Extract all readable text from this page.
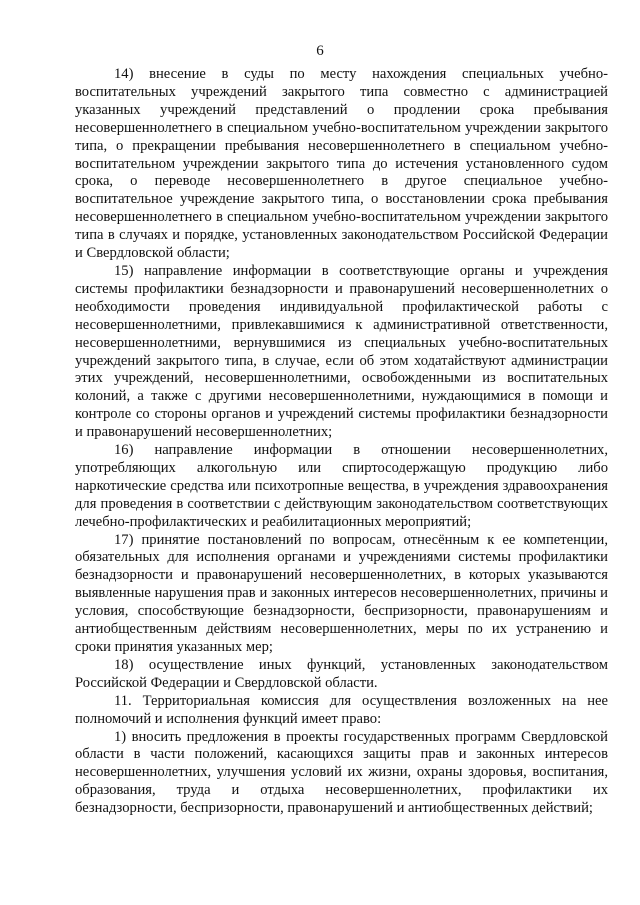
6

14) внесение в суды по месту нахождения специальных учебно-воспитательных учреждений закрытого типа совместно с администрацией указанных учреждений представлений о продлении срока пребывания несовершеннолетнего в специальном учебно-воспитательном учреждении закрытого типа, о прекращении пребывания несовершеннолетнего в специальном учебно-воспитательном учреждении закрытого типа до истечения установленного судом срока, о переводе несовершеннолетнего в другое специальное учебно-воспитательное учреждение закрытого типа, о восстановлении срока пребывания несовершеннолетнего в специальном учебно-воспитательном учреждении закрытого типа в случаях и порядке, установленных законодательством Российской Федерации и Свердловской области;

15) направление информации в соответствующие органы и учреждения системы профилактики безнадзорности и правонарушений несовершеннолетних о необходимости проведения индивидуальной профилактической работы с несовершеннолетними, привлекавшимися к административной ответственности, несовершеннолетними, вернувшимися из специальных учебно-воспитательных учреждений закрытого типа, в случае, если об этом ходатайствуют администрации этих учреждений, несовершеннолетними, освобожденными из воспитательных колоний, а также с другими несовершеннолетними, нуждающимися в помощи и контроле со стороны органов и учреждений системы профилактики безнадзорности и правонарушений несовершеннолетних;

16) направление информации в отношении несовершеннолетних, употребляющих алкогольную или спиртосодержащую продукцию либо наркотические средства или психотропные вещества, в учреждения здравоохранения для проведения в соответствии с действующим законодательством соответствующих лечебно-профилактических и реабилитационных мероприятий;

17) принятие постановлений по вопросам, отнесённым к ее компетенции, обязательных для исполнения органами и учреждениями системы профилактики безнадзорности и правонарушений несовершеннолетних, в которых указываются выявленные нарушения прав и законных интересов несовершеннолетних, причины и условия, способствующие безнадзорности, беспризорности, правонарушениям и антиобщественным действиям несовершеннолетних, меры по их устранению и сроки принятия указанных мер;

18) осуществление иных функций, установленных законодательством Российской Федерации и Свердловской области.

11. Территориальная комиссия для осуществления возложенных на нее полномочий и исполнения функций имеет право:

1) вносить предложения в проекты государственных программ Свердловской области в части положений, касающихся защиты прав и законных интересов несовершеннолетних, улучшения условий их жизни, охраны здоровья, воспитания, образования, труда и отдыха несовершеннолетних, профилактики их безнадзорности, беспризорности, правонарушений и антиобщественных действий;
